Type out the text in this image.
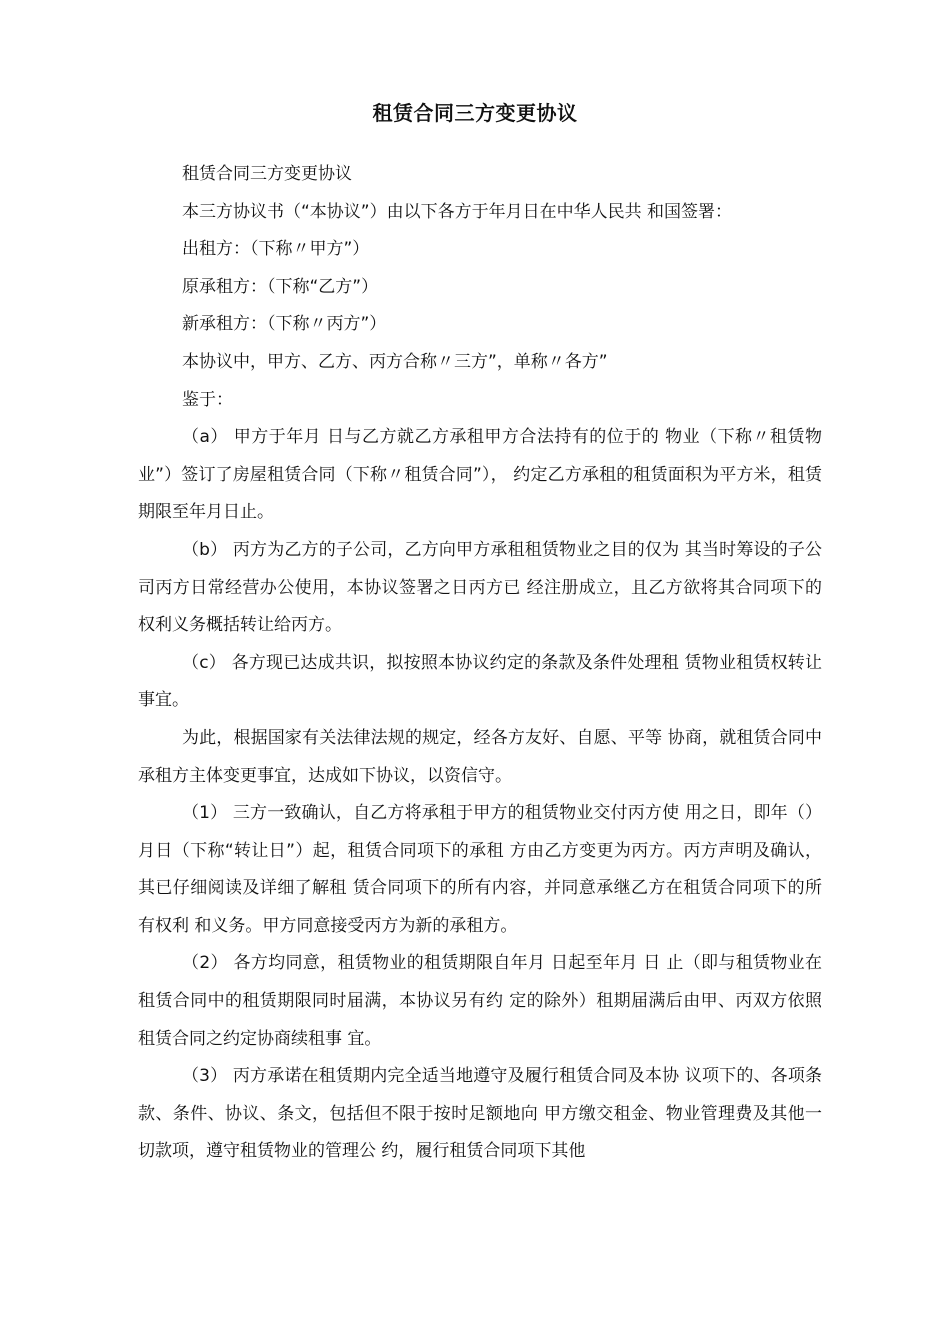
租赁合同三方变更协议

租赁合同三方变更协议

本三方协议书（“本协议”）由以下各方于年月日在中华人民共 和国签署：

出租方：（下称〃甲方”）

原承租方：（下称“乙方”）

新承租方：（下称〃丙方”）

本协议中，甲方、乙方、丙方合称〃三方”，单称〃各方”

鉴于：

（a） 甲方于年月 日与乙方就乙方承租甲方合法持有的位于的 物业（下称〃租赁物业”）签订了房屋租赁合同（下称〃租赁合同”）， 约定乙方承租的租赁面积为平方米，租赁期限至年月日止。

（b） 丙方为乙方的子公司，乙方向甲方承租租赁物业之目的仅为 其当时筹设的子公司丙方日常经营办公使用，本协议签署之日丙方已 经注册成立，且乙方欲将其合同项下的权利义务概括转让给丙方。

（c） 各方现已达成共识，拟按照本协议约定的条款及条件处理租 赁物业租赁权转让事宜。

为此，根据国家有关法律法规的规定，经各方友好、自愿、平等 协商，就租赁合同中承租方主体变更事宜，达成如下协议，以资信守。

（1） 三方一致确认，自乙方将承租于甲方的租赁物业交付丙方使 用之日，即年（）月日（下称“转让日”）起，租赁合同项下的承租 方由乙方变更为丙方。丙方声明及确认，其已仔细阅读及详细了解租 赁合同项下的所有内容，并同意承继乙方在租赁合同项下的所有权利 和义务。甲方同意接受丙方为新的承租方。

（2） 各方均同意，租赁物业的租赁期限自年月 日起至年月 日 止（即与租赁物业在租赁合同中的租赁期限同时届满，本协议另有约 定的除外）租期届满后由甲、丙双方依照租赁合同之约定协商续租事 宜。

（3） 丙方承诺在租赁期内完全适当地遵守及履行租赁合同及本协 议项下的、各项条款、条件、协议、条文，包括但不限于按时足额地向 甲方缴交租金、物业管理费及其他一切款项，遵守租赁物业的管理公 约，履行租赁合同项下其他
